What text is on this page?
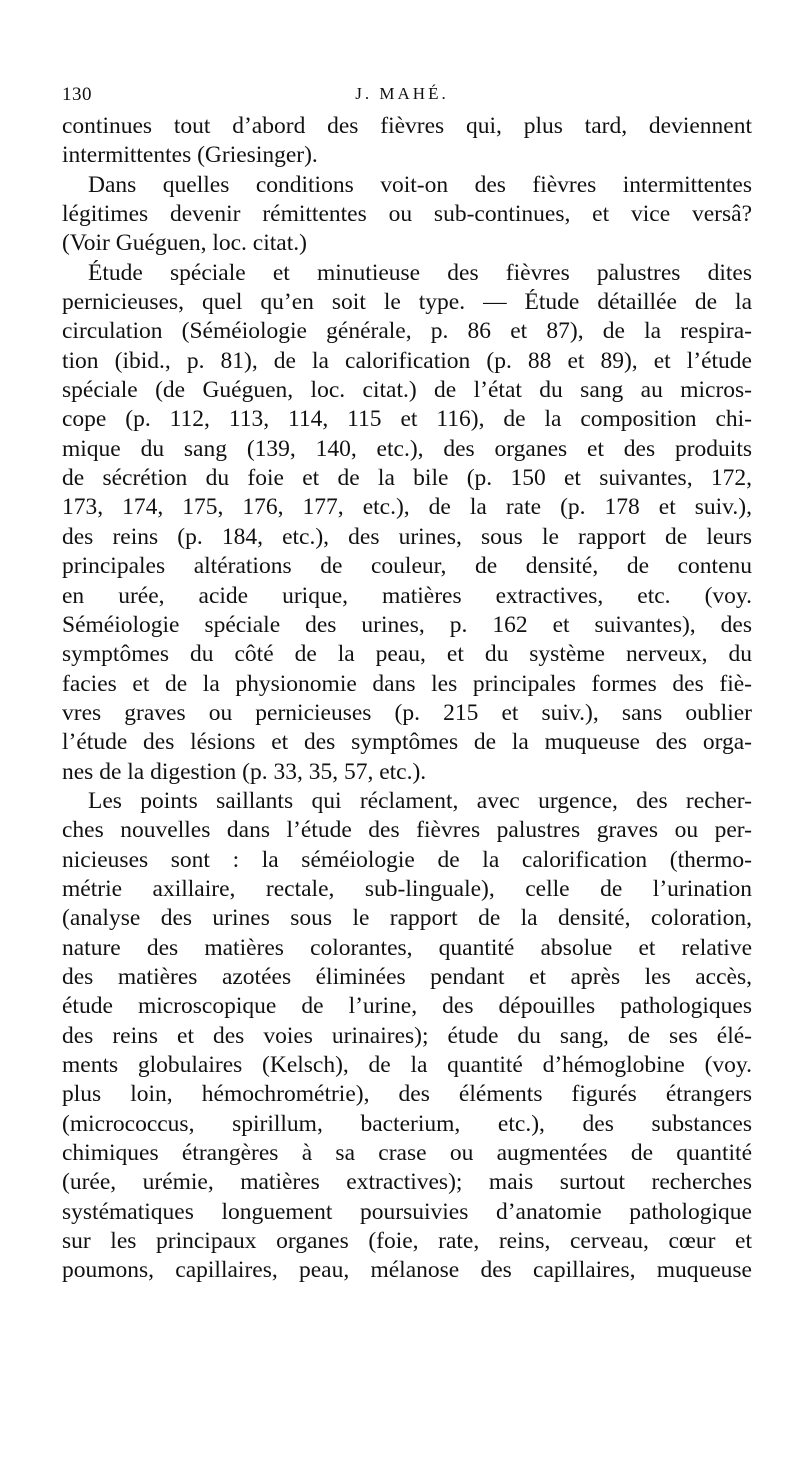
130	J. MAHÉ.
continues tout d’abord des fièvres qui, plus tard, deviennent
intermittentes (Griesinger).
Dans quelles conditions voit-on des fièvres intermittentes
légitimes devenir rémittentes ou sub-continues, et vice versâ?
(Voir Guéguen, loc. citat.)
Étude spéciale et minutieuse des fièvres palustres dites
pernicieuses, quel qu’en soit le type. — Étude détaillée de la
circulation (Séméiologie générale, p. 86 et 87), de la respira-
tion (ibid., p. 81), de la calorification (p. 88 et 89), et l’étude
spéciale (de Guéguen, loc. citat.) de l’état du sang au micros-
cope (p. 112, 113, 114, 115 et 116), de la composition chi-
mique du sang (139, 140, etc.), des organes et des produits
de sécrétion du foie et de la bile (p. 150 et suivantes, 172,
173, 174, 175, 176, 177, etc.), de la rate (p. 178 et suiv.),
des reins (p. 184, etc.), des urines, sous le rapport de leurs
principales altérations de couleur, de densité, de contenu
en urée, acide urique, matières extractives, etc. (voy.
Séméiologie spéciale des urines, p. 162 et suivantes), des
symptômes du côté de la peau, et du système nerveux, du
facies et de la physionomie dans les principales formes des fiè-
vres graves ou pernicieuses (p. 215 et suiv.), sans oublier
l’étude des lésions et des symptômes de la muqueuse des orga-
nes de la digestion (p. 33, 35, 57, etc.).
Les points saillants qui réclament, avec urgence, des recher-
ches nouvelles dans l’étude des fièvres palustres graves ou per-
nicieuses sont : la séméiologie de la calorification (thermo-
métrie axillaire, rectale, sub-linguale), celle de l’urination
(analyse des urines sous le rapport de la densité, coloration,
nature des matières colorantes, quantité absolue et relative
des matières azotées éliminées pendant et après les accès,
étude microscopique de l’urine, des dépouilles pathologiques
des reins et des voies urinaires); étude du sang, de ses élé-
ments globulaires (Kelsch), de la quantité d’hémoglobine (voy.
plus loin, hémochrométrie), des éléments figurés étrangers
(micrococcus, spirillum, bacterium, etc.), des substances
chimiques étrangères à sa crase ou augmentées de quantité
(urée, urémie, matières extractives); mais surtout recherches
systématiques longuement poursuivies d’anatomie pathologique
sur les principaux organes (foie, rate, reins, cerveau, cœur et
poumons, capillaires, peau, mélanose des capillaires, muqueuse
